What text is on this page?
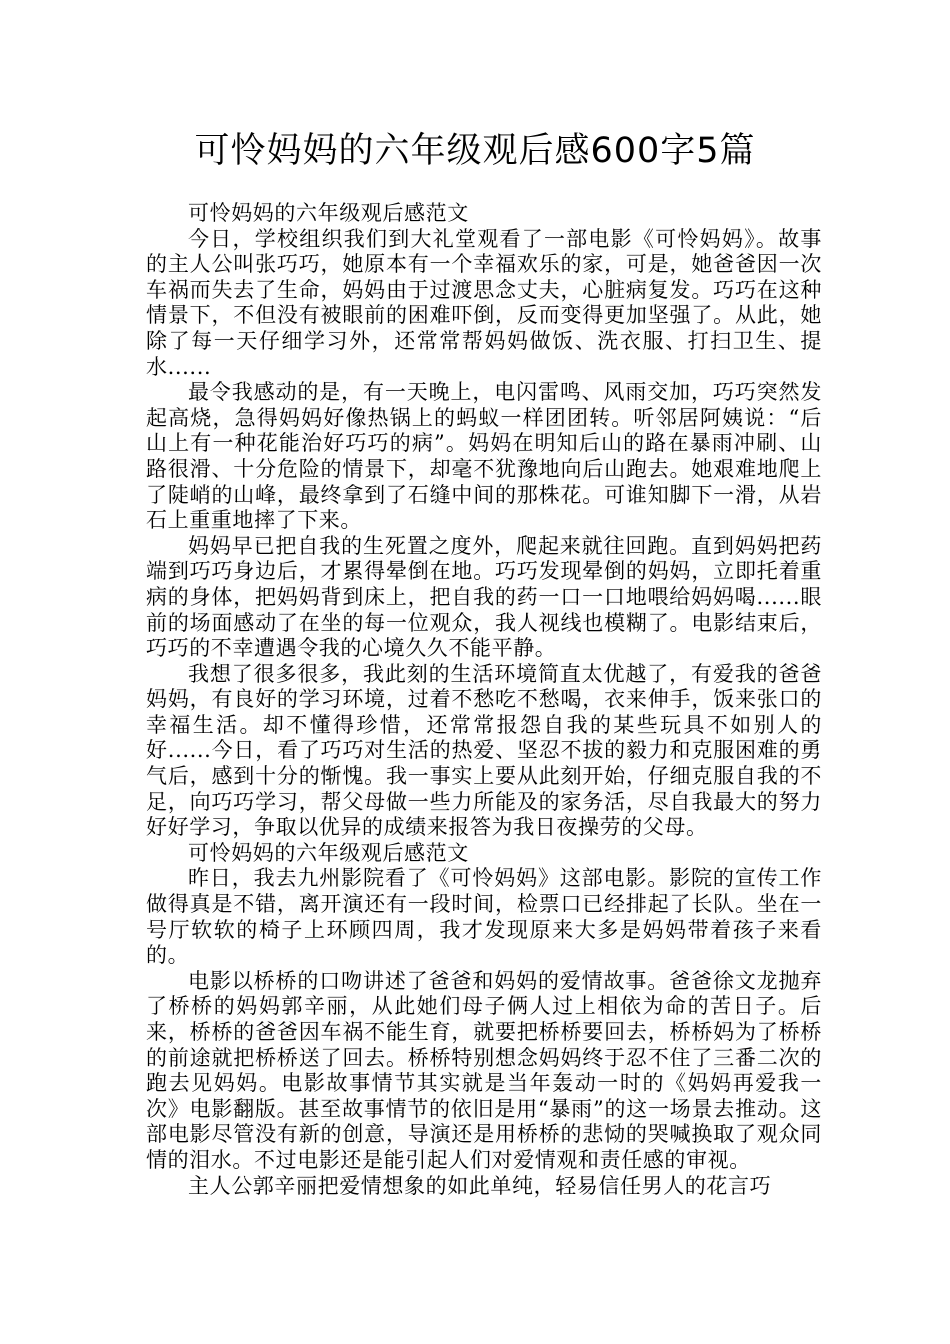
可怜妈妈的六年级观后感600字5篇

可怜妈妈的六年级观后感范文

今日，学校组织我们到大礼堂观看了一部电影《可怜妈妈》。故事的主人公叫张巧巧，她原本有一个幸福欢乐的家，可是，她爸爸因一次车祸而失去了生命，妈妈由于过渡思念丈夫，心脏病复发。巧巧在这种情景下，不但没有被眼前的困难吓倒，反而变得更加坚强了。从此，她除了每一天仔细学习外，还常常帮妈妈做饭、洗衣服、打扫卫生、提水......

最令我感动的是，有一天晚上，电闪雷鸣、风雨交加，巧巧突然发起高烧，急得妈妈好像热锅上的蚂蚁一样团团转。听邻居阿姨说：“后山上有一种花能治好巧巧的病”。妈妈在明知后山的路在暴雨冲刷、山路很滑、十分危险的情景下，却毫不犹豫地向后山跑去。她艰难地爬上了陡峭的山峰，最终拿到了石缝中间的那株花。可谁知脚下一滑，从岩石上重重地摔了下来。

妈妈早已把自我的生死置之度外，爬起来就往回跑。直到妈妈把药端到巧巧身边后，才累得晕倒在地。巧巧发现晕倒的妈妈，立即托着重病的身体，把妈妈背到床上，把自我的药一口一口地喂给妈妈喝......眼前的场面感动了在坐的每一位观众，我人视线也模糊了。电影结束后，巧巧的不幸遭遇令我的心境久久不能平静。

我想了很多很多，我此刻的生活环境简直太优越了，有爱我的爸爸妈妈，有良好的学习环境，过着不愁吃不愁喝，衣来伸手，饭来张口的幸福生活。却不懂得珍惜，还常常报怨自我的某些玩具不如别人的好......今日，看了巧巧对生活的热爱、坚忍不拔的毅力和克服困难的勇气后，感到十分的惭愧。我一事实上要从此刻开始，仔细克服自我的不足，向巧巧学习，帮父母做一些力所能及的家务活，尽自我最大的努力好好学习，争取以优异的成绩来报答为我日夜操劳的父母。

可怜妈妈的六年级观后感范文

昨日，我去九州影院看了《可怜妈妈》这部电影。影院的宣传工作做得真是不错，离开演还有一段时间，检票口已经排起了长队。坐在一号厅软软的椅子上环顾四周，我才发现原来大多是妈妈带着孩子来看的。

电影以桥桥的口吻讲述了爸爸和妈妈的爱情故事。爸爸徐文龙抛弃了桥桥的妈妈郭辛丽，从此她们母子俩人过上相依为命的苦日子。后来，桥桥的爸爸因车祸不能生育，就要把桥桥要回去，桥桥妈为了桥桥的前途就把桥桥送了回去。桥桥特别想念妈妈终于忍不住了三番二次的跑去见妈妈。电影故事情节其实就是当年轰动一时的《妈妈再爱我一次》电影翻版。甚至故事情节的依旧是用“暴雨”的这一场景去推动。这部电影尽管没有新的创意，导演还是用桥桥的悲恸的哭喊换取了观众同情的泪水。不过电影还是能引起人们对爱情观和责任感的审视。

主人公郭辛丽把爱情想象的如此单纯，轻易信任男人的花言巧
